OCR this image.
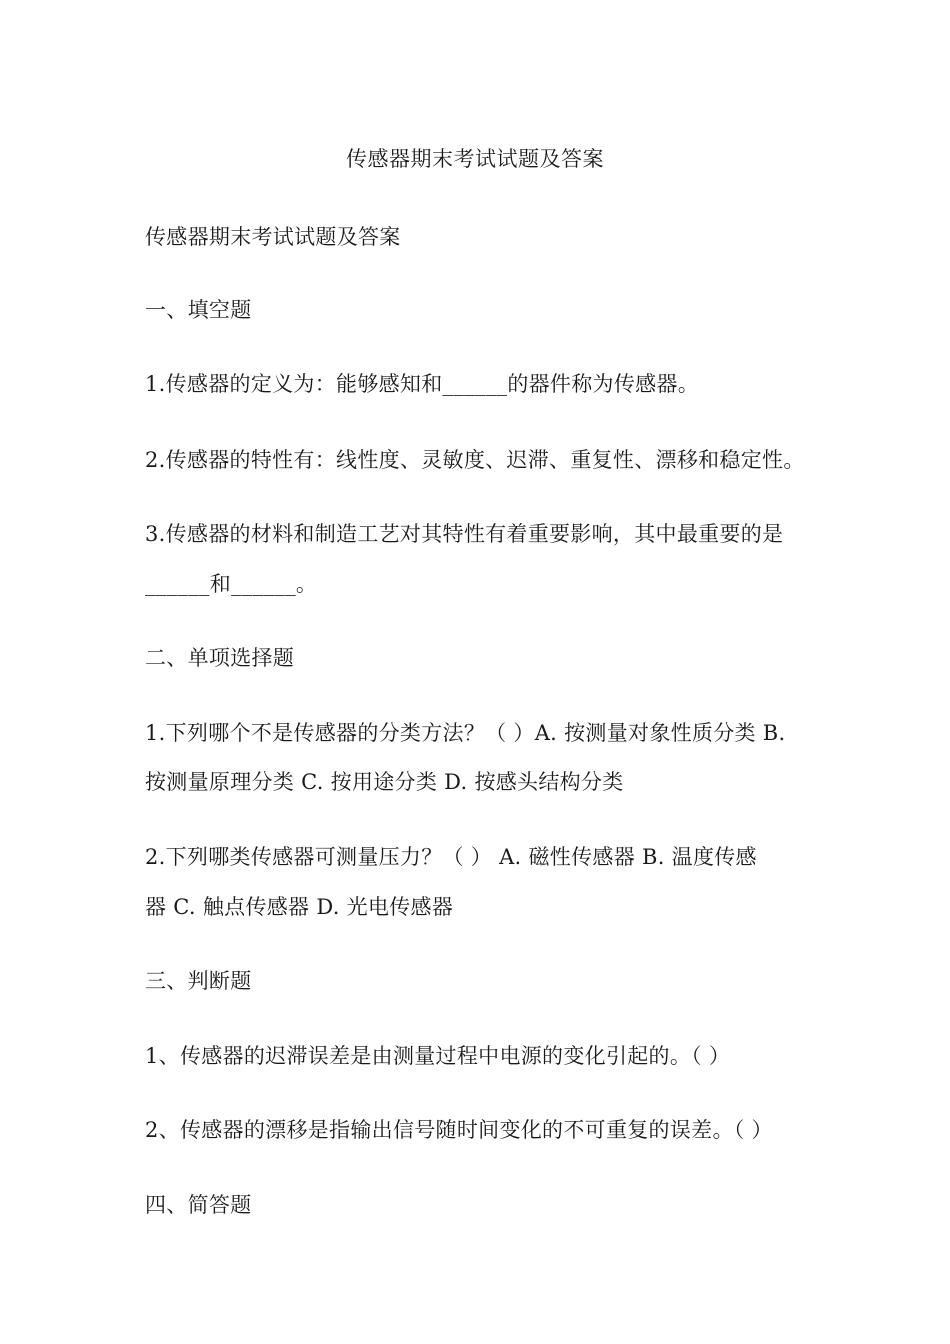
传感器期末考试试题及答案
传感器期末考试试题及答案
一、填空题
1.传感器的定义为：能够感知和______的器件称为传感器。
2.传感器的特性有：线性度、灵敏度、迟滞、重复性、漂移和稳定性。
3.传感器的材料和制造工艺对其特性有着重要影响，其中最重要的是
______和______。
二、单项选择题
1.下列哪个不是传感器的分类方法？（ ）A. 按测量对象性质分类 B.
按测量原理分类 C. 按用途分类 D. 按感头结构分类
2.下列哪类传感器可测量压力？（ ） A. 磁性传感器 B. 温度传感
器 C. 触点传感器 D. 光电传感器
三、判断题
1、传感器的迟滞误差是由测量过程中电源的变化引起的。（ ）
2、传感器的漂移是指输出信号随时间变化的不可重复的误差。（ ）
四、简答题
